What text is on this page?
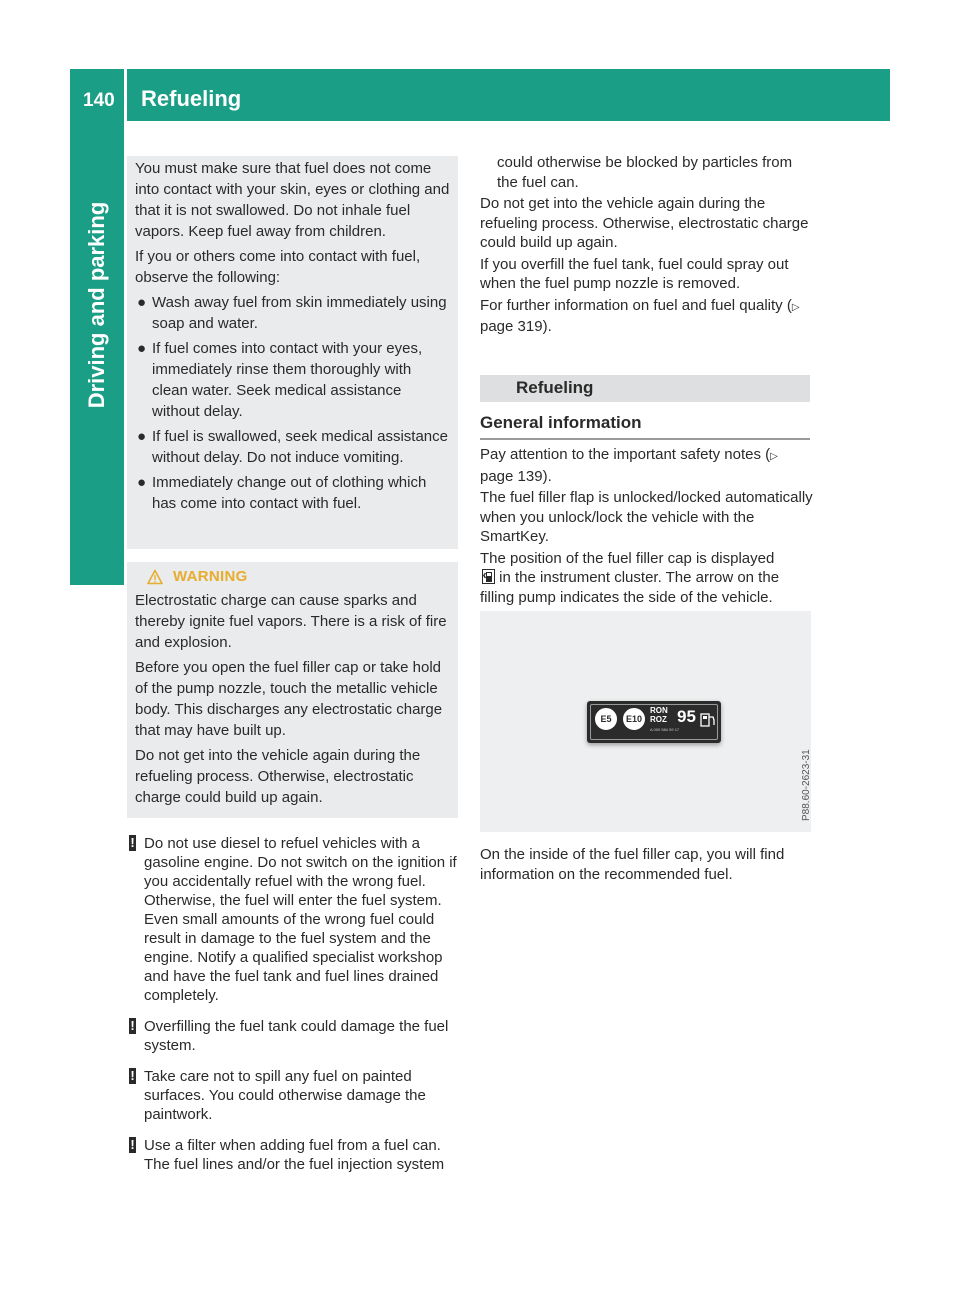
140 Refueling
Driving and parking

You must make sure that fuel does not come into contact with your skin, eyes or clothing and that it is not swallowed. Do not inhale fuel vapors. Keep fuel away from children.

If you or others come into contact with fuel, observe the following:

● Wash away fuel from skin immediately using soap and water.
● If fuel comes into contact with your eyes, immediately rinse them thoroughly with clean water. Seek medical assistance without delay.
● If fuel is swallowed, seek medical assistance without delay. Do not induce vomiting.
● Immediately change out of clothing which has come into contact with fuel.
WARNING

Electrostatic charge can cause sparks and thereby ignite fuel vapors. There is a risk of fire and explosion.

Before you open the fuel filler cap or take hold of the pump nozzle, touch the metallic vehicle body. This discharges any electrostatic charge that may have built up.

Do not get into the vehicle again during the refueling process. Otherwise, electrostatic charge could build up again.

! Do not use diesel to refuel vehicles with a gasoline engine. Do not switch on the ignition if you accidentally refuel with the wrong fuel. Otherwise, the fuel will enter the fuel system. Even small amounts of the wrong fuel could result in damage to the fuel system and the engine. Notify a qualified specialist workshop and have the fuel tank and fuel lines drained completely.
! Overfilling the fuel tank could damage the fuel system.
! Take care not to spill any fuel on painted surfaces. You could otherwise damage the paintwork.
! Use a filter when adding fuel from a fuel can. The fuel lines and/or the fuel injection system

could otherwise be blocked by particles from the fuel can.

Do not get into the vehicle again during the refueling process. Otherwise, electrostatic charge could build up again.

If you overfill the fuel tank, fuel could spray out when the fuel pump nozzle is removed.

For further information on fuel and fuel quality (▷ page 319).

Refueling
General information

Pay attention to the important safety notes (▷ page 139).

The fuel filler flap is unlocked/locked automatically when you unlock/lock the vehicle with the SmartKey.

The position of the fuel filler cap is displayed
in the instrument cluster. The arrow on the filling pump indicates the side of the vehicle.

E5	E10
RON
ROZ 95
A 000 584 59 17
P88.60-2623-31

On the inside of the fuel filler cap, you will find information on the recommended fuel.
